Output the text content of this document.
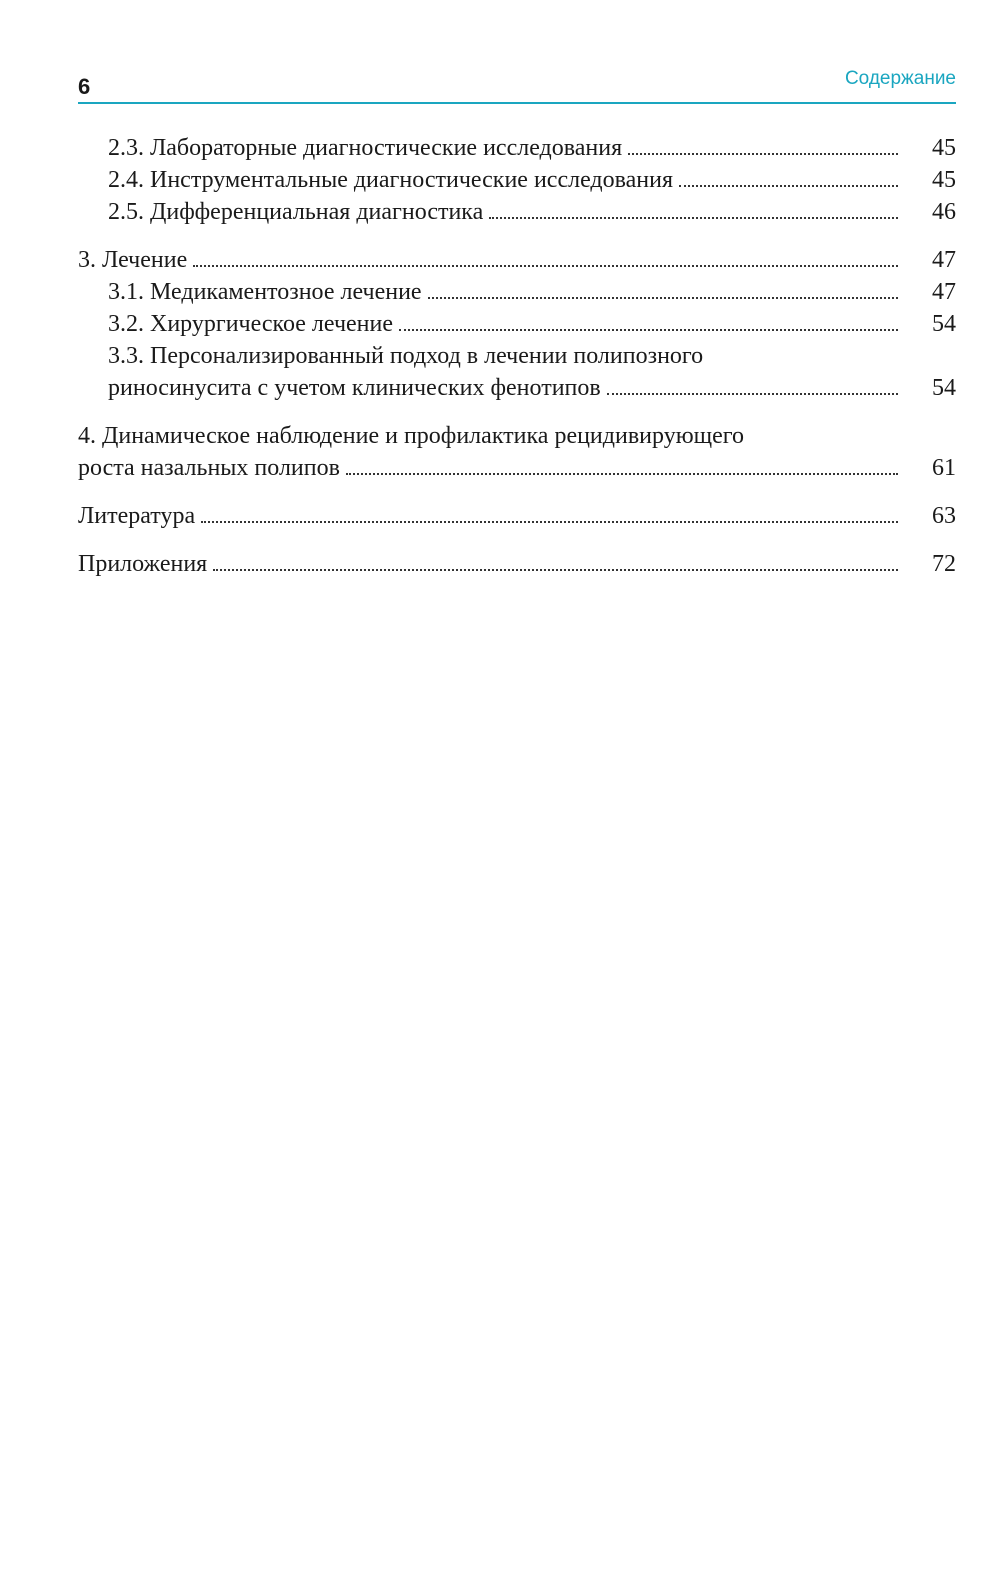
6	Содержание
2.3. Лабораторные диагностические исследования	45
2.4. Инструментальные диагностические исследования	45
2.5. Дифференциальная диагностика	46
3. Лечение	47
3.1. Медикаментозное лечение	47
3.2. Хирургическое лечение	54
3.3. Персонализированный подход в лечении полипозного
риносинусита с учетом клинических фенотипов	54
4. Динамическое наблюдение и профилактика рецидивирующего
роста назальных полипов	61
Литература	63
Приложения	72
